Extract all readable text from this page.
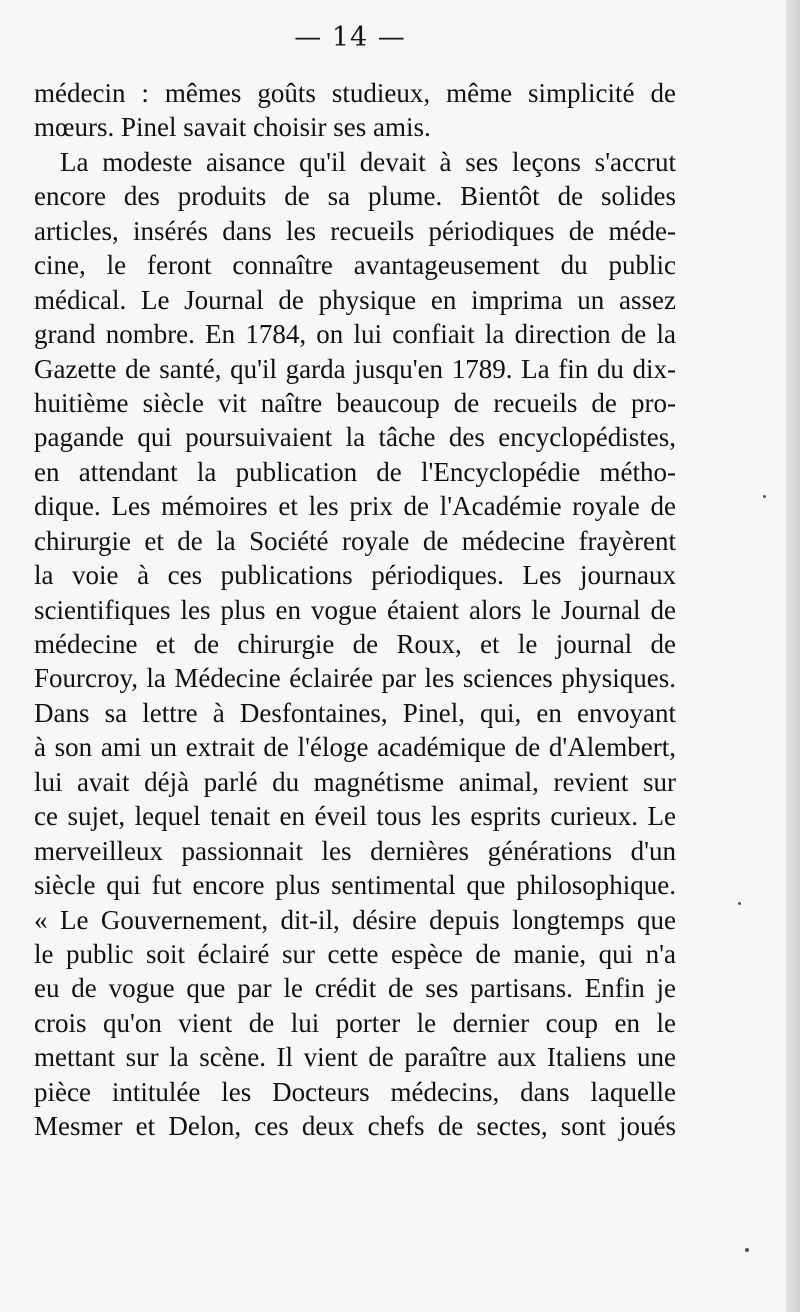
— 14 —
médecin : mêmes goûts studieux, même simplicité de
mœurs. Pinel savait choisir ses amis.
La modeste aisance qu'il devait à ses leçons s'accrut
encore des produits de sa plume. Bientôt de solides
articles, insérés dans les recueils périodiques de méde-
cine, le feront connaître avantageusement du public
médical. Le Journal de physique en imprima un assez
grand nombre. En 1784, on lui confiait la direction de la
Gazette de santé, qu'il garda jusqu'en 1789. La fin du dix-
huitième siècle vit naître beaucoup de recueils de pro-
pagande qui poursuivaient la tâche des encyclopédistes,
en attendant la publication de l'Encyclopédie métho-
dique. Les mémoires et les prix de l'Académie royale de
chirurgie et de la Société royale de médecine frayèrent
la voie à ces publications périodiques. Les journaux
scientifiques les plus en vogue étaient alors le Journal de
médecine et de chirurgie de Roux, et le journal de
Fourcroy, la Médecine éclairée par les sciences physiques.
Dans sa lettre à Desfontaines, Pinel, qui, en envoyant
à son ami un extrait de l'éloge académique de d'Alembert,
lui avait déjà parlé du magnétisme animal, revient sur
ce sujet, lequel tenait en éveil tous les esprits curieux. Le
merveilleux passionnait les dernières générations d'un
siècle qui fut encore plus sentimental que philosophique.
« Le Gouvernement, dit-il, désire depuis longtemps que
le public soit éclairé sur cette espèce de manie, qui n'a
eu de vogue que par le crédit de ses partisans. Enfin je
crois qu'on vient de lui porter le dernier coup en le
mettant sur la scène. Il vient de paraître aux Italiens une
pièce intitulée les Docteurs médecins, dans laquelle
Mesmer et Delon, ces deux chefs de sectes, sont joués
